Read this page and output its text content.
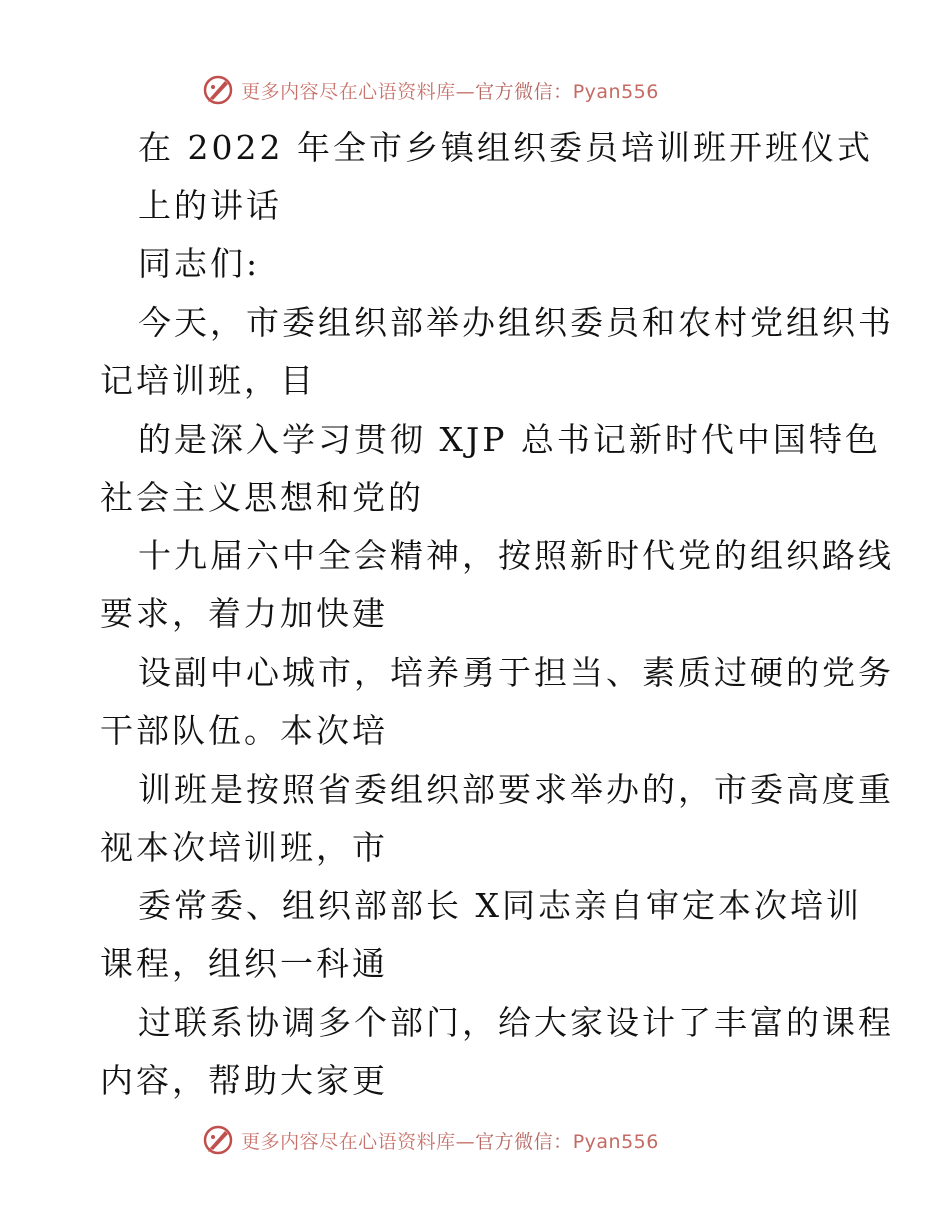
更多内容尽在心语资料库—官方微信：Pyan556
在 2022 年全市乡镇组织委员培训班开班仪式
上的讲话
同志们:
今天，市委组织部举办组织委员和农村党组织书
记培训班，目
的是深入学习贯彻 XJP 总书记新时代中国特色
社会主义思想和党的
十九届六中全会精神，按照新时代党的组织路线
要求，着力加快建
设副中心城市，培养勇于担当、素质过硬的党务
干部队伍。本次培
训班是按照省委组织部要求举办的，市委高度重
视本次培训班，市
委常委、组织部部长 X同志亲自审定本次培训
课程，组织一科通
过联系协调多个部门，给大家设计了丰富的课程
内容，帮助大家更
更多内容尽在心语资料库—官方微信：Pyan556
